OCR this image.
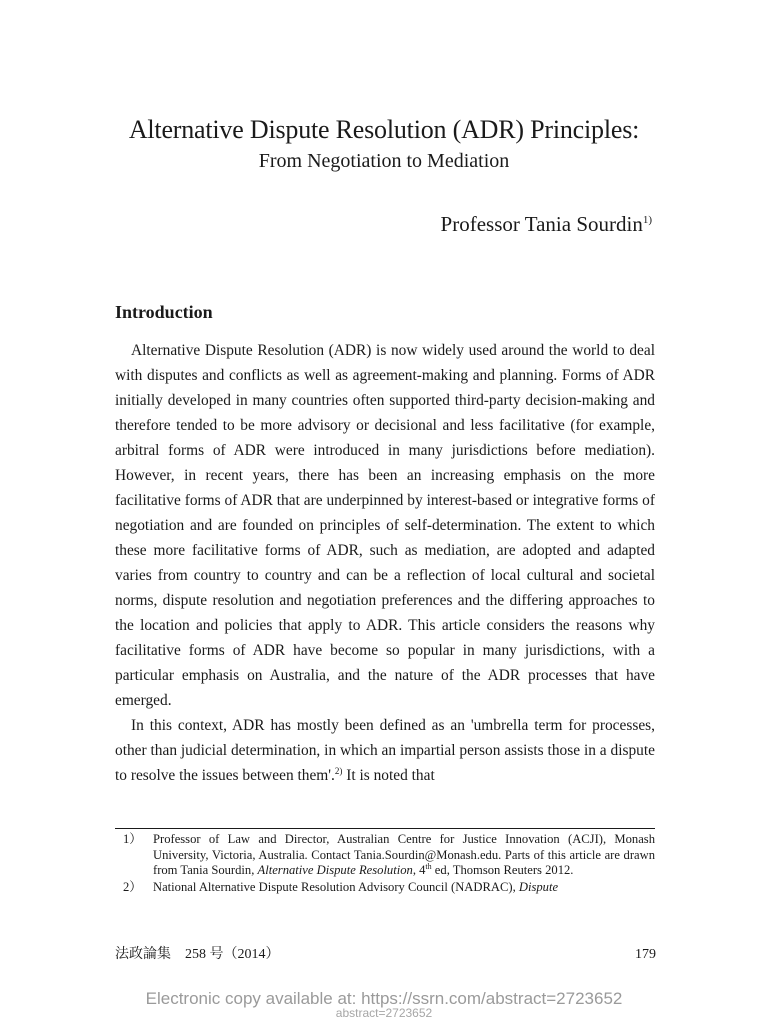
Alternative Dispute Resolution (ADR) Principles:
From Negotiation to Mediation
Professor Tania Sourdin$^{1)}$
Introduction

Alternative Dispute Resolution (ADR) is now widely used around the world to deal with disputes and conflicts as well as agreement-making and planning. Forms of ADR initially developed in many countries often supported third-party decision-making and therefore tended to be more advisory or decisional and less facilitative (for example, arbitral forms of ADR were introduced in many jurisdictions before mediation). However, in recent years, there has been an increasing emphasis on the more facilitative forms of ADR that are underpinned by interest-based or integrative forms of negotiation and are founded on principles of self-determination. The extent to which these more facilitative forms of ADR, such as mediation, are adopted and adapted varies from country to country and can be a reflection of local cultural and societal norms, dispute resolution and negotiation preferences and the differing approaches to the location and policies that apply to ADR. This article considers the reasons why facilitative forms of ADR have become so popular in many jurisdictions, with a particular emphasis on Australia, and the nature of the ADR processes that have emerged.

In this context, ADR has mostly been defined as an 'umbrella term for processes, other than judicial determination, in which an impartial person assists those in a dispute to resolve the issues between them'.$^{2)}$ It is noted that

1） Professor of Law and Director, Australian Centre for Justice Innovation (ACJI), Monash University, Victoria, Australia. Contact Tania.Sourdin@Monash.edu. Parts of this article are drawn from Tania Sourdin, Alternative Dispute Resolution, 4th ed, Thomson Reuters 2012.
2） National Alternative Dispute Resolution Advisory Council (NADRAC), Dispute
法政論集　258 号（2014）	179
Electronic copy available at: https://ssrn.com/abstract=2723652
abstract=2723652
